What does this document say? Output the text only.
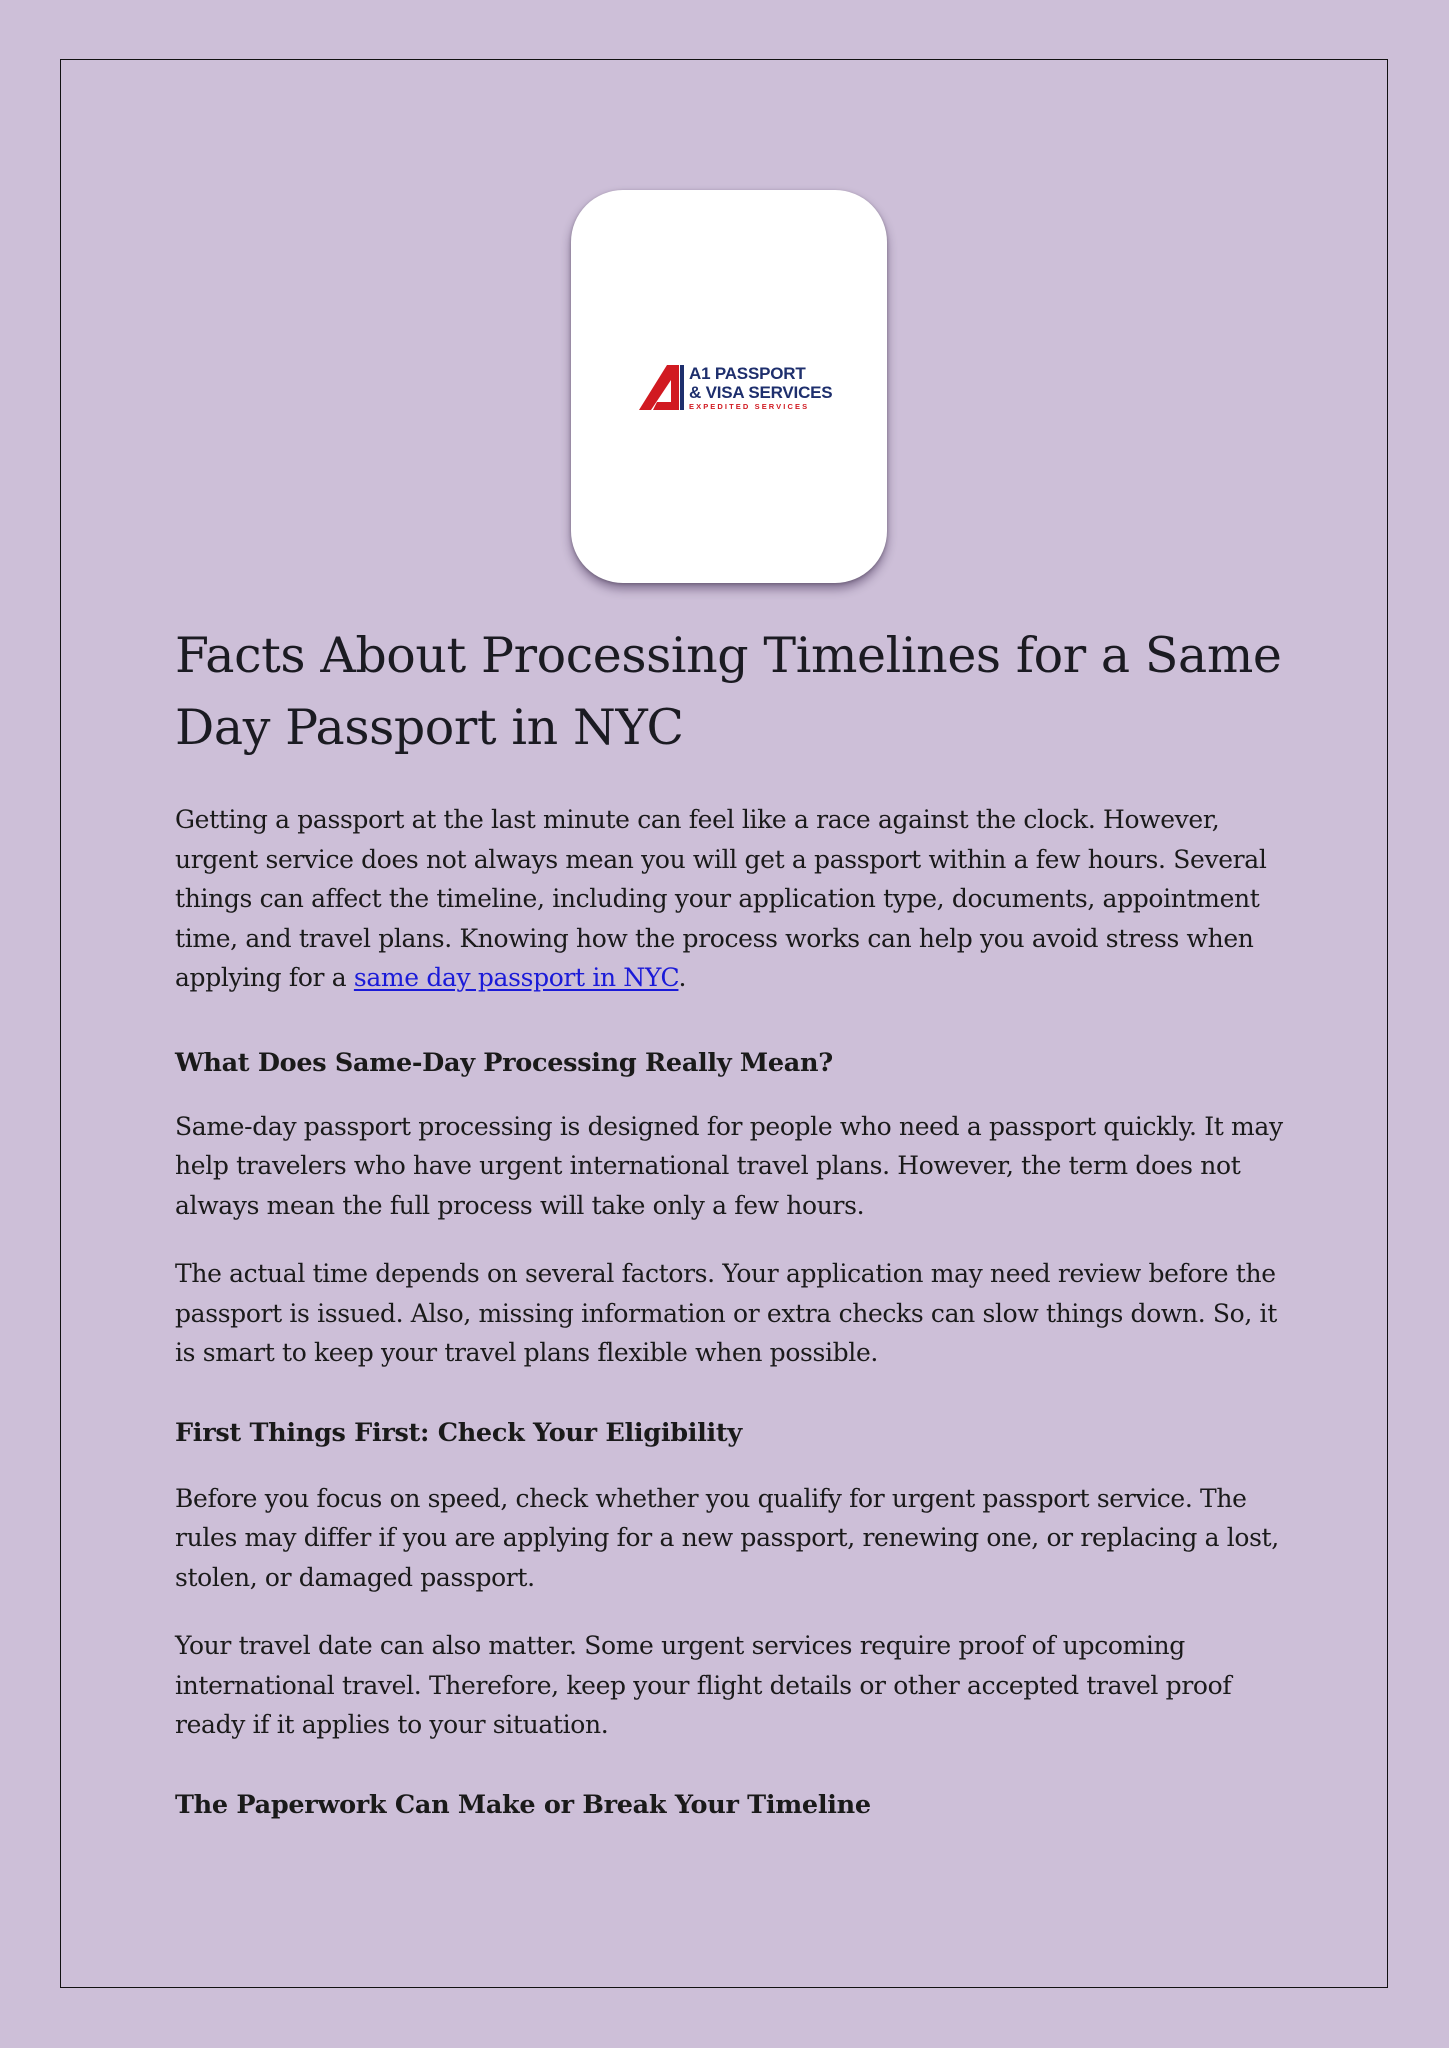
A1 PASSPORT
& VISA SERVICES
EXPEDITED SERVICES
Facts About Processing Timelines for a Same Day Passport in NYC

Getting a passport at the last minute can feel like a race against the clock. However, urgent service does not always mean you will get a passport within a few hours. Several things can affect the timeline, including your application type, documents, appointment time, and travel plans. Knowing how the process works can help you avoid stress when applying for a same day passport in NYC.

What Does Same-Day Processing Really Mean?

Same-day passport processing is designed for people who need a passport quickly. It may help travelers who have urgent international travel plans. However, the term does not always mean the full process will take only a few hours.

The actual time depends on several factors. Your application may need review before the passport is issued. Also, missing information or extra checks can slow things down. So, it is smart to keep your travel plans flexible when possible.

First Things First: Check Your Eligibility

Before you focus on speed, check whether you qualify for urgent passport service. The rules may differ if you are applying for a new passport, renewing one, or replacing a lost, stolen, or damaged passport.

Your travel date can also matter. Some urgent services require proof of upcoming international travel. Therefore, keep your flight details or other accepted travel proof ready if it applies to your situation.

The Paperwork Can Make or Break Your Timeline
